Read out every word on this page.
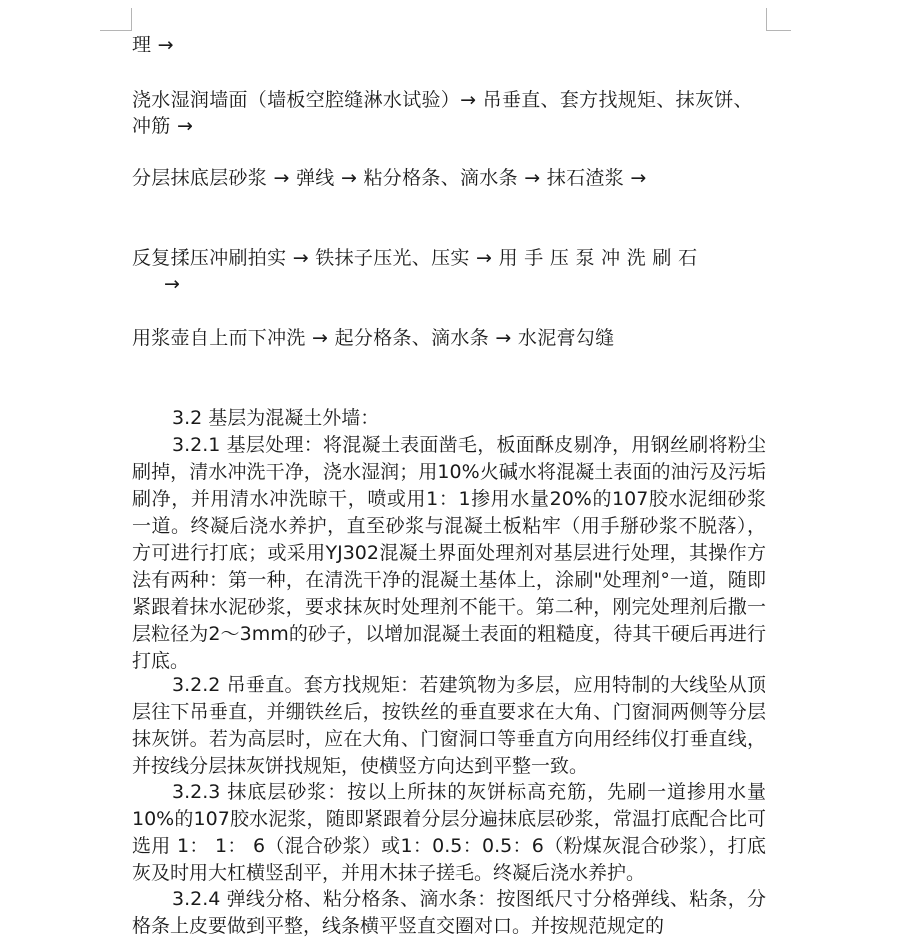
理 →
浇水湿润墙面（墙板空腔缝淋水试验）→ 吊垂直、套方找规矩、抹灰饼、
冲筋 →
分层抹底层砂浆 → 弹线 → 粘分格条、滴水条 → 抹石渣浆 →
反复揉压冲刷拍实 → 铁抹子压光、压实 → 用 手 压 泵 冲 洗 刷 石
→
用浆壶自上而下冲洗 → 起分格条、滴水条 → 水泥膏勾缝
3.2 基层为混凝土外墙：
3.2.1 基层处理：将混凝土表面凿毛，板面酥皮剔净，用钢丝刷将粉尘刷掉，清水冲洗干净，浇水湿润；用10%火碱水将混凝土表面的油污及污垢刷净，并用清水冲洗晾干，喷或用1：1掺用水量20%的107胶水泥细砂浆一道。终凝后浇水养护，直至砂浆与混凝土板粘牢（用手掰砂浆不脱落），方可进行打底；或采用YJ302混凝土界面处理剂对基层进行处理，其操作方法有两种：第一种，在清洗干净的混凝土基体上，涂刷"处理剂°一道，随即紧跟着抹水泥砂浆，要求抹灰时处理剂不能干。第二种，刚完处理剂后撒一层粒径为2～3mm的砂子，以增加混凝土表面的粗糙度，待其干硬后再进行打底。
3.2.2 吊垂直。套方找规矩：若建筑物为多层，应用特制的大线坠从顶层往下吊垂直，并绷铁丝后，按铁丝的垂直要求在大角、门窗洞两侧等分层抹灰饼。若为高层时，应在大角、门窗洞口等垂直方向用经纬仪打垂直线，并按线分层抹灰饼找规矩，使横竖方向达到平整一致。
3.2.3 抹底层砂浆：按以上所抹的灰饼标高充筋，先刷一道掺用水量10%的107胶水泥浆，随即紧跟着分层分遍抹底层砂浆，常温打底配合比可选用 1： 1： 6（混合砂浆）或1：0.5：0.5：6（粉煤灰混合砂浆），打底灰及时用大杠横竖刮平，并用木抹子搓毛。终凝后浇水养护。
3.2.4 弹线分格、粘分格条、滴水条：按图纸尺寸分格弹线、粘条，分格条上皮要做到平整，线条横平竖直交圈对口。并按规范规定的
